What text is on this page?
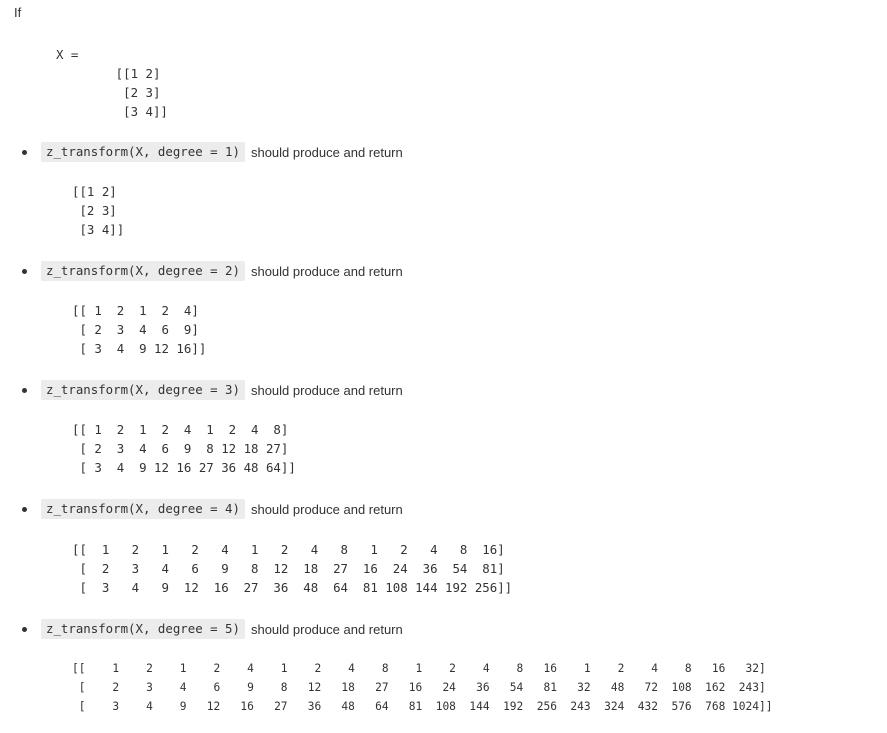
If
X =
[[1 2]
[2 3]
[3 4]]
z_transform(X, degree = 1) should produce and return
[[1 2]
[2 3]
[3 4]]
z_transform(X, degree = 2) should produce and return
[[ 1  2  1  2  4]
[ 2  3  4  6  9]
[ 3  4  9 12 16]]
z_transform(X, degree = 3) should produce and return
[[ 1  2  1  2  4  1  2  4  8]
[ 2  3  4  6  9  8 12 18 27]
[ 3  4  9 12 16 27 36 48 64]]
z_transform(X, degree = 4) should produce and return
[[  1   2   1   2   4   1   2   4   8   1   2   4   8  16]
[  2   3   4   6   9   8  12  18  27  16  24  36  54  81]
[  3   4   9  12  16  27  36  48  64  81 108 144 192 256]]
z_transform(X, degree = 5) should produce and return
[[    1    2    1    2    4    1    2    4    8    1    2    4    8   16    1    2    4    8   16   32]
[    2    3    4    6    9    8   12   18   27   16   24   36   54   81   32   48   72  108  162  243]
[    3    4    9   12   16   27   36   48   64   81  108  144  192  256  243  324  432  576  768 1024]]
